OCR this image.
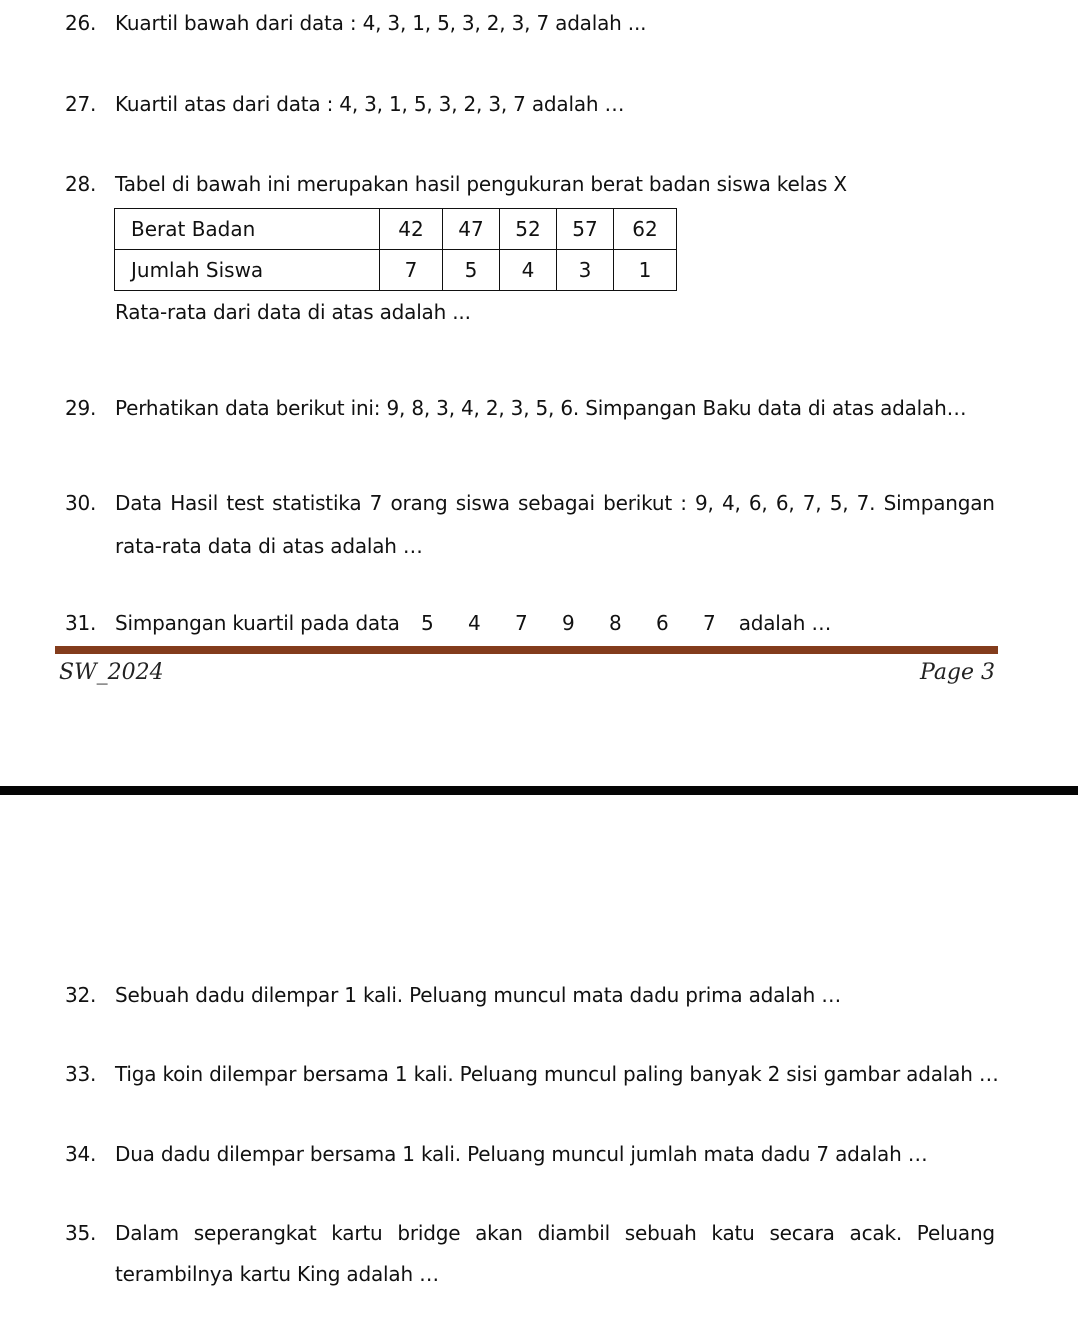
26. Kuartil bawah dari data : 4, 3, 1, 5, 3, 2, 3, 7 adalah ...
27. Kuartil atas dari data : 4, 3, 1, 5, 3, 2, 3, 7 adalah …
28. Tabel di bawah ini merupakan hasil pengukuran berat badan siswa kelas X
Berat Badan	42	47	52	57	62
Jumlah Siswa	7	5	4	3	1
Rata-rata dari data di atas adalah ...
29. Perhatikan data berikut ini: 9, 8, 3, 4, 2, 3, 5, 6. Simpangan Baku data di atas adalah…
30. Data Hasil test statistika 7 orang siswa sebagai berikut : 9, 4, 6, 6, 7, 5, 7. Simpangan
rata-rata data di atas adalah …
31. Simpangan kuartil pada data 5 4 7 9 8 6 7 adalah …
SW_2024	Page 3
32. Sebuah dadu dilempar 1 kali. Peluang muncul mata dadu prima adalah …
33. Tiga koin dilempar bersama 1 kali. Peluang muncul paling banyak 2 sisi gambar adalah …
34. Dua dadu dilempar bersama 1 kali. Peluang muncul jumlah mata dadu 7 adalah …
35. Dalam seperangkat kartu bridge akan diambil sebuah katu secara acak. Peluang
terambilnya kartu King adalah …
